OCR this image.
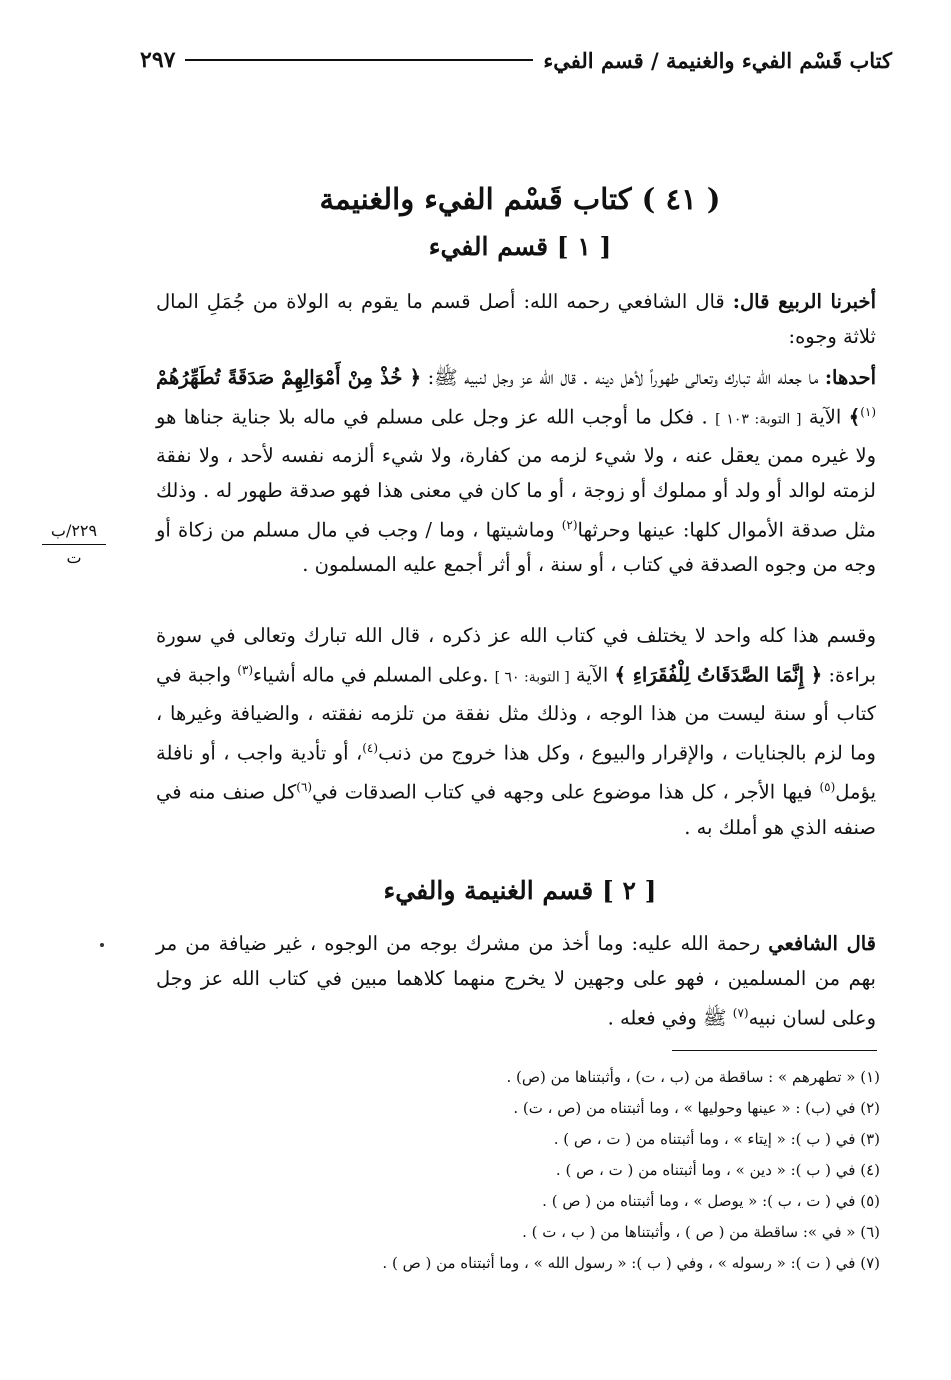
كتاب قَسْم الفيء والغنيمة / قسم الفيء
٢٩٧
( ٤١ ) كتاب قَسْم الفيء والغنيمة
[ ١ ] قسم الفيء
أخبرنا الربيع قال: قال الشافعي رحمه الله: أصل قسم ما يقوم به الولاة من جُمَلِ المال ثلاثة وجوه:
أحدها: ما جعله الله تبارك وتعالى طهوراً لأهل دينه . قال الله عز وجل لنبيه ﷺ: ﴿ خُذْ مِنْ أَمْوَالِهِمْ صَدَقَةً تُطَهِّرُهُمْ $^{(١)}$﴾ الآية [ التوبة: ١٠٣ ] . فكل ما أوجب الله عز وجل على مسلم في ماله بلا جناية جناها هو ولا غيره ممن يعقل عنه ، ولا شيء لزمه من كفارة، ولا شيء ألزمه نفسه لأحد ، ولا نفقة لزمته لوالد أو ولد أو مملوك أو زوجة ، أو ما كان في معنى هذا فهو صدقة طهور له . وذلك مثل صدقة الأموال كلها: عينها وحرثها$^{(٢)}$ وماشيتها ، وما / وجب في مال مسلم من زكاة أو وجه من وجوه الصدقة في كتاب ، أو سنة ، أو أثر أجمع عليه المسلمون .
٢٢٩/ب
ت
وقسم هذا كله واحد لا يختلف في كتاب الله عز ذكره ، قال الله تبارك وتعالى في سورة براءة: ﴿ إِنَّمَا الصَّدَقَاتُ لِلْفُقَرَاءِ ﴾ الآية [ التوبة: ٦٠ ] .وعلى المسلم في ماله أشياء$^{(٣)}$ واجبة في كتاب أو سنة ليست من هذا الوجه ، وذلك مثل نفقة من تلزمه نفقته ، والضيافة وغيرها ، وما لزم بالجنايات ، والإقرار والبيوع ، وكل هذا خروج من ذنب$^{(٤)}$، أو تأدية واجب ، أو نافلة يؤمل$^{(٥)}$ فيها الأجر ، كل هذا موضوع على وجهه في كتاب الصدقات في$^{(٦)}$كل صنف منه في صنفه الذي هو أملك به .
[ ٢ ] قسم الغنيمة والفيء
قال الشافعي رحمة الله عليه: وما أخذ من مشرك بوجه من الوجوه ، غير ضيافة من مر بهم من المسلمين ، فهو على وجهين لا يخرج منهما كلاهما مبين في كتاب الله عز وجل وعلى لسان نبيه$^{(٧)}$ ﷺ وفي فعله .
(١) « تطهرهم » : ساقطة من (ب ، ت) ، وأثبتناها من (ص) .
(٢) في (ب) : « عينها وحوليها » ، وما أثبتناه من (ص ، ت) .
(٣) في ( ب ): « إيتاء » ، وما أثبتناه من ( ت ، ص ) .
(٤) في ( ب ): « دين » ، وما أثبتناه من ( ت ، ص ) .
(٥) في ( ت ، ب ): « يوصل » ، وما أثبتناه من ( ص ) .
(٦) « في »: ساقطة من ( ص ) ، وأثبتناها من ( ب ، ت ) .
(٧) في ( ت ): « رسوله » ، وفي ( ب ): « رسول الله » ، وما أثبتناه من ( ص ) .
